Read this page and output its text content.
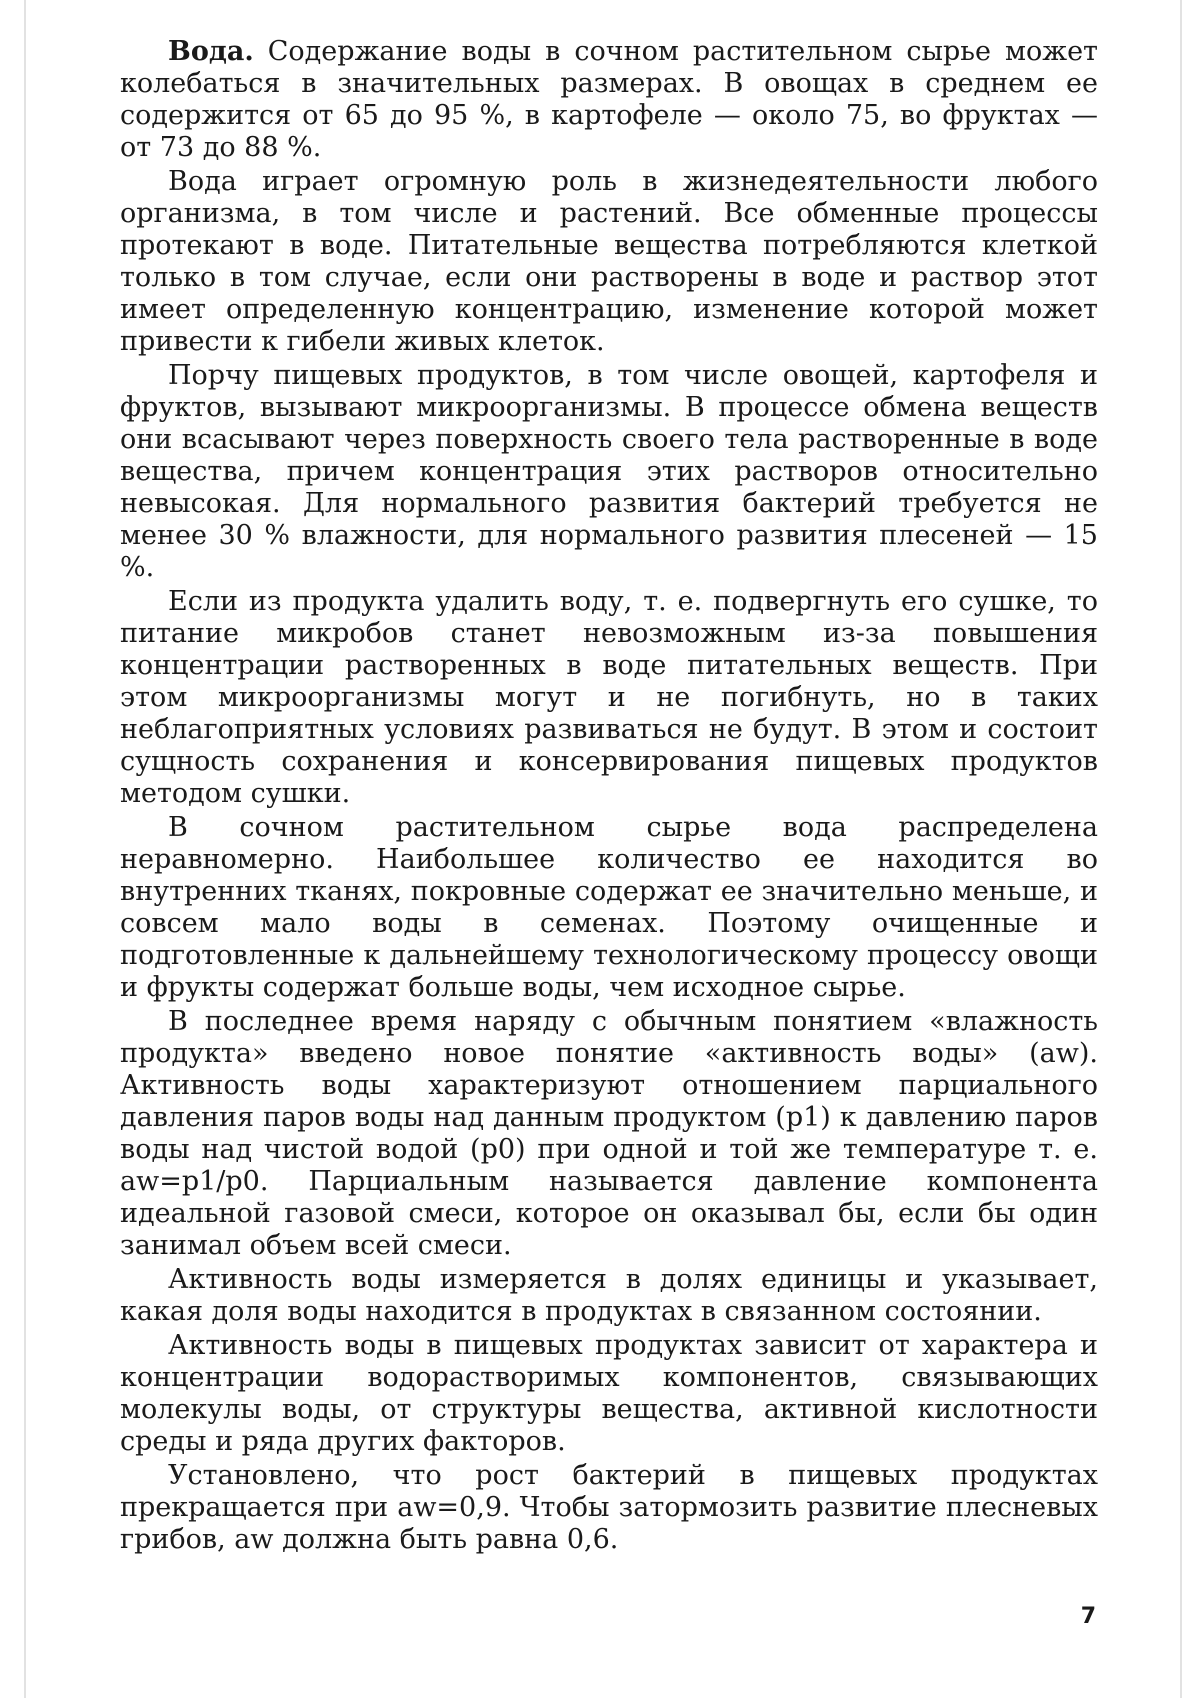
Вода. Содержание воды в сочном растительном сырье может колебаться в значительных размерах. В овощах в среднем ее содержится от 65 до 95 %, в картофеле — около 75, во фруктах — от 73 до 88 %.

Вода играет огромную роль в жизнедеятельности любого организма, в том числе и растений. Все обменные процессы протекают в воде. Питательные вещества потребляются клеткой только в том случае, если они растворены в воде и раствор этот имеет определенную концентрацию, изменение которой может привести к гибели живых клеток.

Порчу пищевых продуктов, в том числе овощей, картофеля и фруктов, вызывают микроорганизмы. В процессе обмена веществ они всасывают через поверхность своего тела растворенные в воде вещества, причем концентрация этих растворов относительно невысокая. Для нормального развития бактерий требуется не менее 30 % влажности, для нормального развития плесеней — 15 %.

Если из продукта удалить воду, т. е. подвергнуть его сушке, то питание микробов станет невозможным из-за повышения концентрации растворенных в воде питательных веществ. При этом микроорганизмы могут и не погибнуть, но в таких неблагоприятных условиях развиваться не будут. В этом и состоит сущность сохранения и консервирования пищевых продуктов методом сушки.

В сочном растительном сырье вода распределена неравномерно. Наибольшее количество ее находится во внутренних тканях, покровные содержат ее значительно меньше, и совсем мало воды в семенах. Поэтому очищенные и подготовленные к дальнейшему технологическому процессу овощи и фрукты содержат больше воды, чем исходное сырье.

В последнее время наряду с обычным понятием «влажность продукта» введено новое понятие «активность воды» (aw). Активность воды характеризуют отношением парциального давления паров воды над данным продуктом (p1) к давлению паров воды над чистой водой (p0) при одной и той же температуре т. е. aw=p1/p0. Парциальным называется давление компонента идеальной газовой смеси, которое он оказывал бы, если бы один занимал объем всей смеси.

Активность воды измеряется в долях единицы и указывает, какая доля воды находится в продуктах в связанном состоянии.

Активность воды в пищевых продуктах зависит от характера и концентрации водорастворимых компонентов, связывающих молекулы воды, от структуры вещества, активной кислотности среды и ряда других факторов.

Установлено, что рост бактерий в пищевых продуктах прекращается при aw=0,9. Чтобы затормозить развитие плесневых грибов, aw должна быть равна 0,6.

7
